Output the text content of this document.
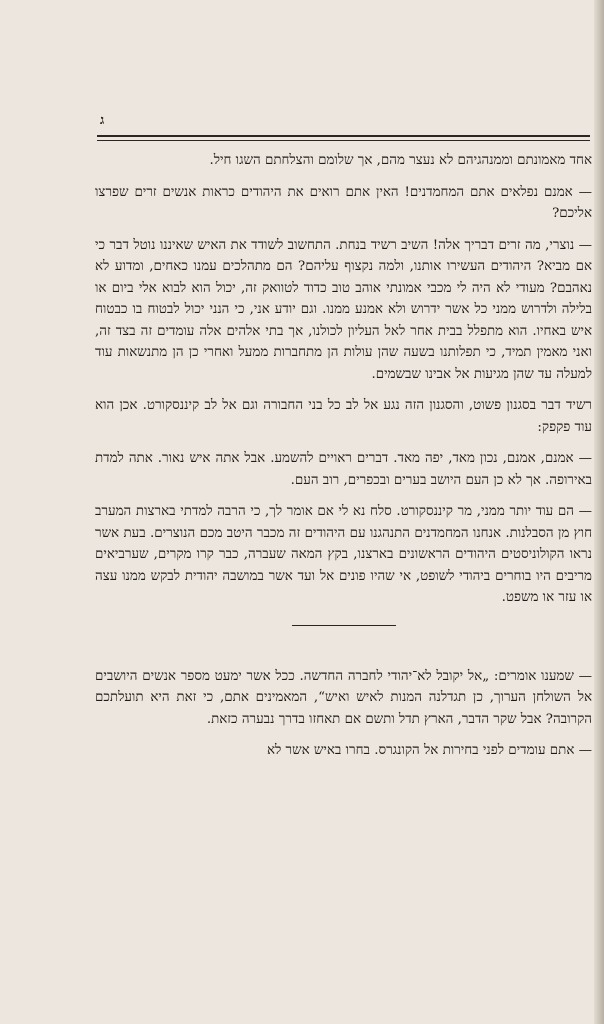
ג

אחד מאמונתם וממנהגיהם לא נעצר מהם, אך שלומם והצלחתם השגו חיל.

— אמנם נפלאים אתם המחמדנים! האין אתם רואים את היהודים כראות אנשים זרים שפרצו אליכם?

— נוצרי, מה זרים דבריך אלה! השיב רשיד בנחת. התחשוב לשודד את האיש שאיננו נוטל דבר כי אם מביא? היהודים העשירו אותנו, ולמה נקצוף עליהם? הם מתהלכים עמנו כאחים, ומדוע לא נאהבם? מעודי לא היה לי מכבי אמונתי אוהב טוב כדוד לטוואק זה, יכול הוא לבוא אלי ביום או בלילה ולדרוש ממני כל אשר ידרוש ולא אמנע ממנו. וגם יודע אני, כי הנני יכול לבטוח בו כבטוח איש באחיו. הוא מתפלל בבית אחר לאל העליון לכולנו, אך בתי אלהים אלה עומדים זה בצד זה, ואני מאמין תמיד, כי תפלותנו בשעה שהן עולות הן מתחברות ממעל ואחרי כן הן מתנשאות עוד למעלה עד שהן מגיעות אל אבינו שבשמים.

רשיד דבר בסגנון פשוט, והסגנון הזה נגע אל לב כל בני החבורה וגם אל לב קיננסקורט. אכן הוא עוד פקפק:

— אמנם, אמנם, נכון מאד, יפה מאד. דברים ראויים להשמע. אבל אתה איש נאור. אתה למדת באירופה. אך לא כן העם היושב בערים ובכפרים, רוב העם.

— הם עוד יותר ממני, מר קיננסקורט. סלח נא לי אם אומר לך, כי הרבה למדתי בארצות המערב חוץ מן הסבלנות. אנחנו המחמדנים התנהגנו עם היהודים זה מכבר היטב מכם הנוצרים. בעת אשר נראו הקולוניסטים היהודים הראשונים בארצנו, בקץ המאה שעברה, כבר קרו מקרים, שערביאים מריבים היו בוחרים ביהודי לשופט, אי שהיו פונים אל ועד אשר במושבה יהודית לבקש ממנו עצה או עזר או משפט.

— שמענו אומרים: „אל יקובל לא־יהודי לחברה החדשה. ככל אשר ימעט מספר אנשים היושבים אל השולחן הערוך, כן תגדלנה המנות לאיש ואיש“, המאמינים אתם, כי זאת היא תועלתכם הקרובה? אבל שקר הדבר, הארץ תדל ותשם אם תאחזו בדרך נבערה כזאת.

— אתם עומדים לפני בחירות אל הקונגרס. בחרו באיש אשר לא
